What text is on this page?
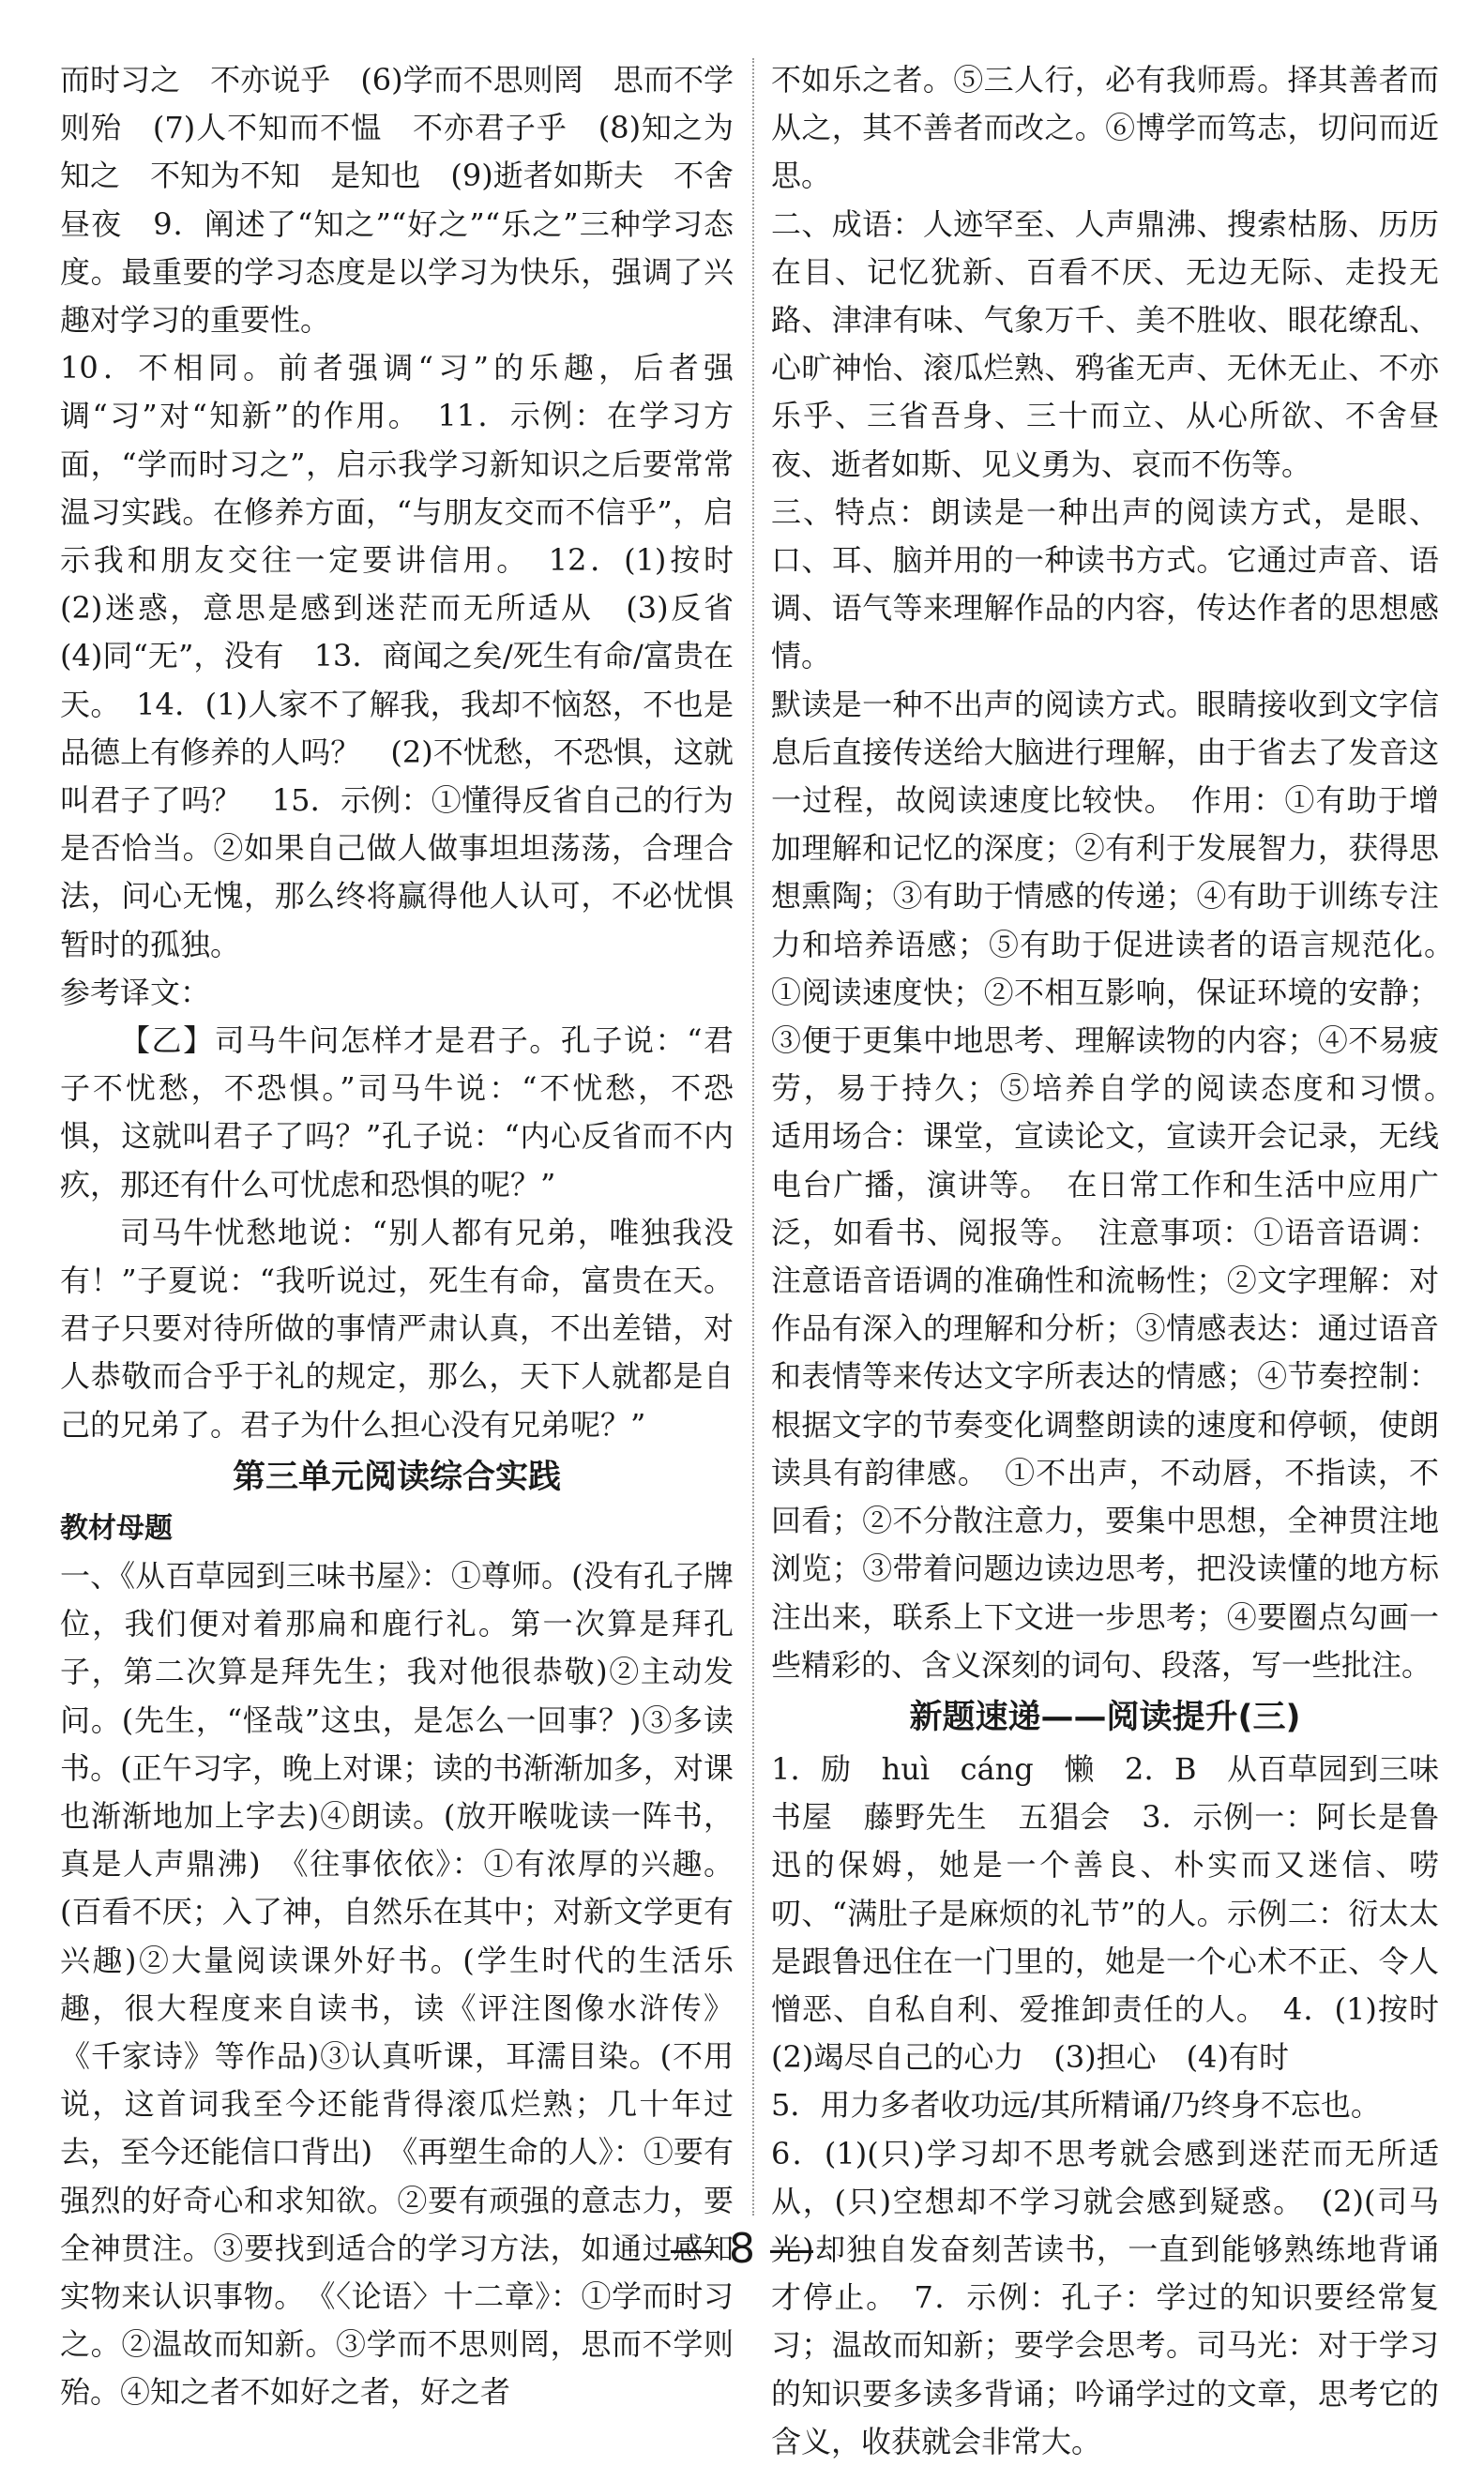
而时习之　不亦说乎　(6)学而不思则罔　思而不学则殆　(7)人不知而不愠　不亦君子乎　(8)知之为知之　不知为不知　是知也　(9)逝者如斯夫　不舍昼夜　9．阐述了“知之”“好之”“乐之”三种学习态度。最重要的学习态度是以学习为快乐，强调了兴趣对学习的重要性。

10．不相同。前者强调“习”的乐趣，后者强调“习”对“知新”的作用。　11．示例：在学习方面，“学而时习之”，启示我学习新知识之后要常常温习实践。在修养方面，“与朋友交而不信乎”，启示我和朋友交往一定要讲信用。　12．(1)按时　(2)迷惑，意思是感到迷茫而无所适从　(3)反省　(4)同“无”，没有　13．商闻之矣/死生有命/富贵在天。　14．(1)人家不了解我，我却不恼怒，不也是品德上有修养的人吗？　(2)不忧愁，不恐惧，这就叫君子了吗？　15．示例：①懂得反省自己的行为是否恰当。②如果自己做人做事坦坦荡荡，合理合法，问心无愧，那么终将赢得他人认可，不必忧惧暂时的孤独。

参考译文：

【乙】司马牛问怎样才是君子。孔子说：“君子不忧愁，不恐惧。”司马牛说：“不忧愁，不恐惧，这就叫君子了吗？”孔子说：“内心反省而不内疚，那还有什么可忧虑和恐惧的呢？”

司马牛忧愁地说：“别人都有兄弟，唯独我没有！”子夏说：“我听说过，死生有命，富贵在天。君子只要对待所做的事情严肃认真，不出差错，对人恭敬而合乎于礼的规定，那么，天下人就都是自己的兄弟了。君子为什么担心没有兄弟呢？”

第三单元阅读综合实践

教材母题

一、《从百草园到三味书屋》：①尊师。(没有孔子牌位，我们便对着那扁和鹿行礼。第一次算是拜孔子，第二次算是拜先生；我对他很恭敬)②主动发问。(先生，“怪哉”这虫，是怎么一回事？)③多读书。(正午习字，晚上对课；读的书渐渐加多，对课也渐渐地加上字去)④朗读。(放开喉咙读一阵书，真是人声鼎沸)　《往事依依》：①有浓厚的兴趣。(百看不厌；入了神，自然乐在其中；对新文学更有兴趣)②大量阅读课外好书。(学生时代的生活乐趣，很大程度来自读书，读《评注图像水浒传》《千家诗》等作品)③认真听课，耳濡目染。(不用说，这首词我至今还能背得滚瓜烂熟；几十年过去，至今还能信口背出)　《再塑生命的人》：①要有强烈的好奇心和求知欲。②要有顽强的意志力，要全神贯注。③要找到适合的学习方法，如通过感知实物来认识事物。　《〈论语〉十二章》：①学而时习之。②温故而知新。③学而不思则罔，思而不学则殆。④知之者不如好之者，好之者

不如乐之者。⑤三人行，必有我师焉。择其善者而从之，其不善者而改之。⑥博学而笃志，切问而近思。

二、成语：人迹罕至、人声鼎沸、搜索枯肠、历历在目、记忆犹新、百看不厌、无边无际、走投无路、津津有味、气象万千、美不胜收、眼花缭乱、心旷神怡、滚瓜烂熟、鸦雀无声、无休无止、不亦乐乎、三省吾身、三十而立、从心所欲、不舍昼夜、逝者如斯、见义勇为、哀而不伤等。

三、特点：朗读是一种出声的阅读方式，是眼、口、耳、脑并用的一种读书方式。它通过声音、语调、语气等来理解作品的内容，传达作者的思想感情。

默读是一种不出声的阅读方式。眼睛接收到文字信息后直接传送给大脑进行理解，由于省去了发音这一过程，故阅读速度比较快。　作用：①有助于增加理解和记忆的深度；②有利于发展智力，获得思想熏陶；③有助于情感的传递；④有助于训练专注力和培养语感；⑤有助于促进读者的语言规范化。　①阅读速度快；②不相互影响，保证环境的安静；③便于更集中地思考、理解读物的内容；④不易疲劳，易于持久；⑤培养自学的阅读态度和习惯。　适用场合：课堂，宣读论文，宣读开会记录，无线电台广播，演讲等。　在日常工作和生活中应用广泛，如看书、阅报等。　注意事项：①语音语调：注意语音语调的准确性和流畅性；②文字理解：对作品有深入的理解和分析；③情感表达：通过语音和表情等来传达文字所表达的情感；④节奏控制：根据文字的节奏变化调整朗读的速度和停顿，使朗读具有韵律感。　①不出声，不动唇，不指读，不回看；②不分散注意力，要集中思想，全神贯注地浏览；③带着问题边读边思考，把没读懂的地方标注出来，联系上下文进一步思考；④要圈点勾画一些精彩的、含义深刻的词句、段落，写一些批注。

新题速递——阅读提升(三)

1．励　huì　cáng　懒　2．B　从百草园到三味书屋　藤野先生　五猖会　3．示例一：阿长是鲁迅的保姆，她是一个善良、朴实而又迷信、唠叨、“满肚子是麻烦的礼节”的人。示例二：衍太太是跟鲁迅住在一门里的，她是一个心术不正、令人憎恶、自私自利、爱推卸责任的人。　4．(1)按时　(2)竭尽自己的心力　(3)担心　(4)有时

5．用力多者收功远/其所精诵/乃终身不忘也。

6．(1)(只)学习却不思考就会感到迷茫而无所适从，(只)空想却不学习就会感到疑惑。　(2)(司马光)却独自发奋刻苦读书，一直到能够熟练地背诵才停止。　7．示例：孔子：学过的知识要经常复习；温故而知新；要学会思考。司马光：对于学习的知识要多读多背诵；吟诵学过的文章，思考它的含义，收获就会非常大。

8
